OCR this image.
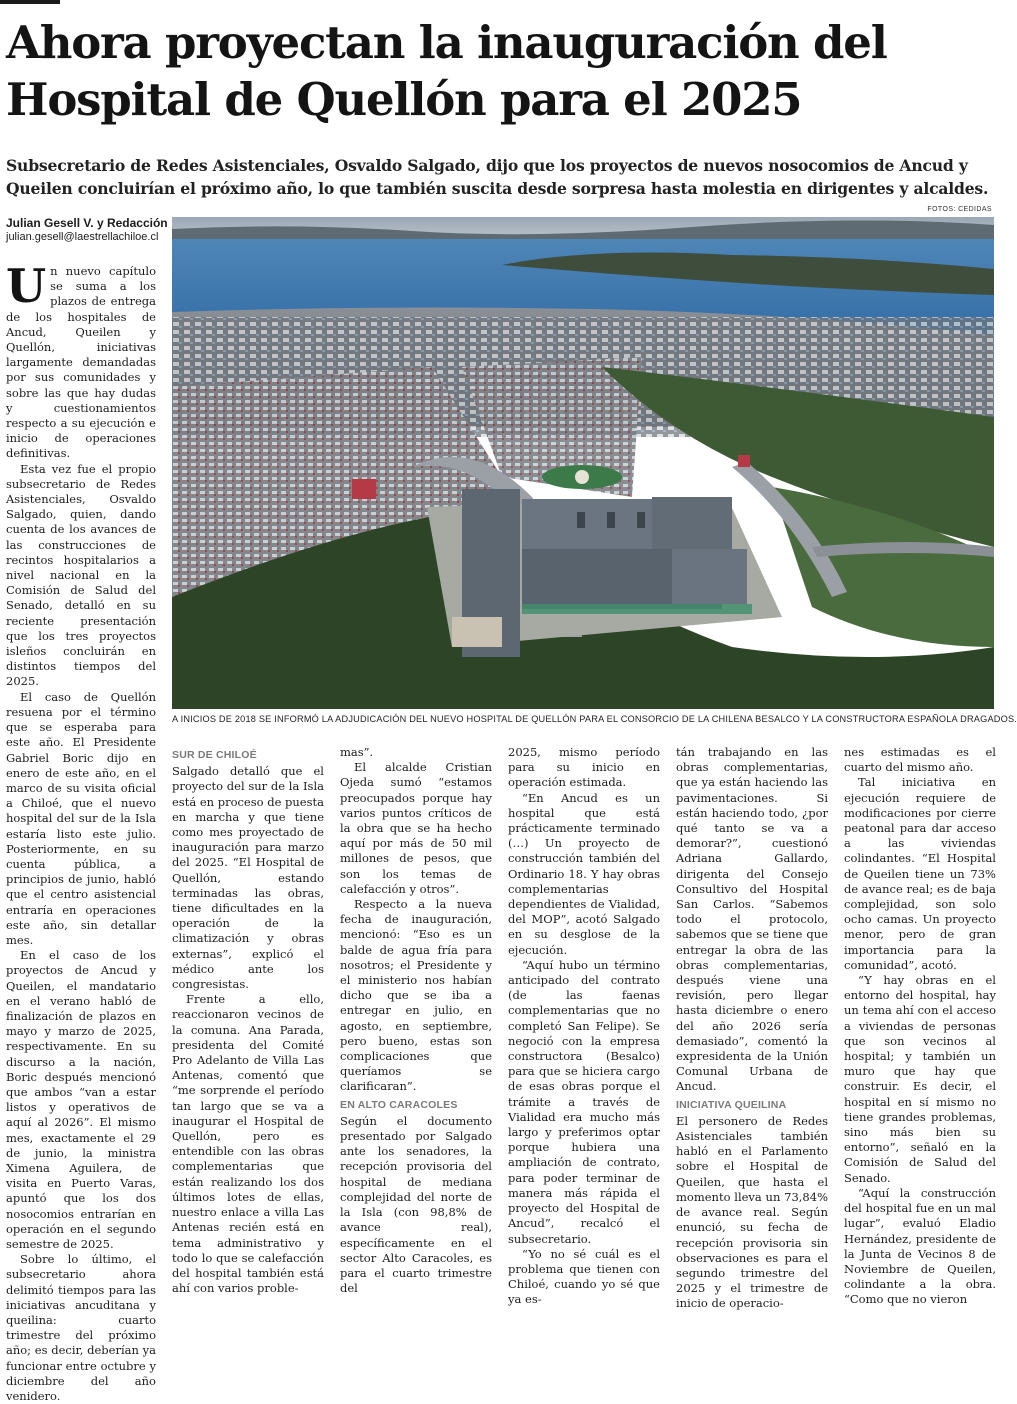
Ahora proyectan la inauguración del Hospital de Quellón para el 2025
Subsecretario de Redes Asistenciales, Osvaldo Salgado, dijo que los proyectos de nuevos nosocomios de Ancud y Queilen concluirían el próximo año, lo que también suscita desde sorpresa hasta molestia en dirigentes y alcaldes.
Julian Gesell V. y Redacción
julian.gesell@laestrellachiloe.cl
FOTOS: CEDIDAS
A INICIOS DE 2018 SE INFORMÓ LA ADJUDICACIÓN DEL NUEVO HOSPITAL DE QUELLÓN PARA EL CONSORCIO DE LA CHILENA BESALCO Y LA CONSTRUCTORA ESPAÑOLA DRAGADOS.

Un nuevo capítulo se suma a los plazos de entrega de los hospitales de Ancud, Queilen y Quellón, iniciativas largamente demandadas por sus comunidades y sobre las que hay dudas y cuestionamientos respecto a su ejecución e inicio de operaciones definitivas.

Esta vez fue el propio subsecretario de Redes Asistenciales, Osvaldo Salgado, quien, dando cuenta de los avances de las construcciones de recintos hospitalarios a nivel nacional en la Comisión de Salud del Senado, detalló en su reciente presentación que los tres proyectos isleños concluirán en distintos tiempos del 2025.

El caso de Quellón resuena por el término que se esperaba para este año. El Presidente Gabriel Boric dijo en enero de este año, en el marco de su visita oficial a Chiloé, que el nuevo hospital del sur de la Isla estaría listo este julio. Posteriormente, en su cuenta pública, a principios de junio, habló que el centro asistencial entraría en operaciones este año, sin detallar mes.

En el caso de los proyectos de Ancud y Queilen, el mandatario en el verano habló de finalización de plazos en mayo y marzo de 2025, respectivamente. En su discurso a la nación, Boric después mencionó que ambos “van a estar listos y operativos de aquí al 2026”. El mismo mes, exactamente el 29 de junio, la ministra Ximena Aguilera, de visita en Puerto Varas, apuntó que los dos nosocomios entrarían en operación en el segundo semestre de 2025.

Sobre lo último, el subsecretario ahora delimitó tiempos para las iniciativas ancuditana y queilina: cuarto trimestre del próximo año; es decir, deberían ya funcionar entre octubre y diciembre del año venidero.

SUR DE CHILOÉ

Salgado detalló que el proyecto del sur de la Isla está en proceso de puesta en marcha y que tiene como mes proyectado de inauguración para marzo del 2025. “El Hospital de Quellón, estando terminadas las obras, tiene dificultades en la operación de la climatización y obras externas”, explicó el médico ante los congresistas.

Frente a ello, reaccionaron vecinos de la comuna. Ana Parada, presidenta del Comité Pro Adelanto de Villa Las Antenas, comentó que “me sorprende el período tan largo que se va a inaugurar el Hospital de Quellón, pero es entendible con las obras complementarias que están realizando los dos últimos lotes de ellas, nuestro enlace a villa Las Antenas recién está en tema administrativo y todo lo que se calefacción del hospital también está ahí con varios proble-

mas”.

El alcalde Cristian Ojeda sumó “estamos preocupados porque hay varios puntos críticos de la obra que se ha hecho aquí por más de 50 mil millones de pesos, que son los temas de calefacción y otros”.

Respecto a la nueva fecha de inauguración, mencionó: “Eso es un balde de agua fría para nosotros; el Presidente y el ministerio nos habían dicho que se iba a entregar en julio, en agosto, en septiembre, pero bueno, estas son complicaciones que queríamos se clarificaran”.

EN ALTO CARACOLES

Según el documento presentado por Salgado ante los senadores, la recepción provisoria del hospital de mediana complejidad del norte de la Isla (con 98,8% de avance real), específicamente en el sector Alto Caracoles, es para el cuarto trimestre del

2025, mismo período para su inicio en operación estimada.

“En Ancud es un hospital que está prácticamente terminado (…) Un proyecto de construcción también del Ordinario 18. Y hay obras complementarias dependientes de Vialidad, del MOP”, acotó Salgado en su desglose de la ejecución.

“Aquí hubo un término anticipado del contrato (de las faenas complementarias que no completó San Felipe). Se negoció con la empresa constructora (Besalco) para que se hiciera cargo de esas obras porque el trámite a través de Vialidad era mucho más largo y preferimos optar porque hubiera una ampliación de contrato, para poder terminar de manera más rápida el proyecto del Hospital de Ancud”, recalcó el subsecretario.

“Yo no sé cuál es el problema que tienen con Chiloé, cuando yo sé que ya es-

tán trabajando en las obras complementarias, que ya están haciendo las pavimentaciones. Si están haciendo todo, ¿por qué tanto se va a demorar?”, cuestionó Adriana Gallardo, dirigenta del Consejo Consultivo del Hospital San Carlos. “Sabemos todo el protocolo, sabemos que se tiene que entregar la obra de las obras complementarias, después viene una revisión, pero llegar hasta diciembre o enero del año 2026 sería demasiado”, comentó la expresidenta de la Unión Comunal Urbana de Ancud.

INICIATIVA QUEILINA

El personero de Redes Asistenciales también habló en el Parlamento sobre el Hospital de Queilen, que hasta el momento lleva un 73,84% de avance real. Según enunció, su fecha de recepción provisoria sin observaciones es para el segundo trimestre del 2025 y el trimestre de inicio de operacio-

nes estimadas es el cuarto del mismo año.

Tal iniciativa en ejecución requiere de modificaciones por cierre peatonal para dar acceso a las viviendas colindantes. “El Hospital de Queilen tiene un 73% de avance real; es de baja complejidad, son solo ocho camas. Un proyecto menor, pero de gran importancia para la comunidad”, acotó.

“Y hay obras en el entorno del hospital, hay un tema ahí con el acceso a viviendas de personas que son vecinos al hospital; y también un muro que hay que construir. Es decir, el hospital en sí mismo no tiene grandes problemas, sino más bien su entorno”, señaló en la Comisión de Salud del Senado.

“Aquí la construcción del hospital fue en un mal lugar”, evaluó Eladio Hernández, presidente de la Junta de Vecinos 8 de Noviembre de Queilen, colindante a la obra. “Como que no vieron
